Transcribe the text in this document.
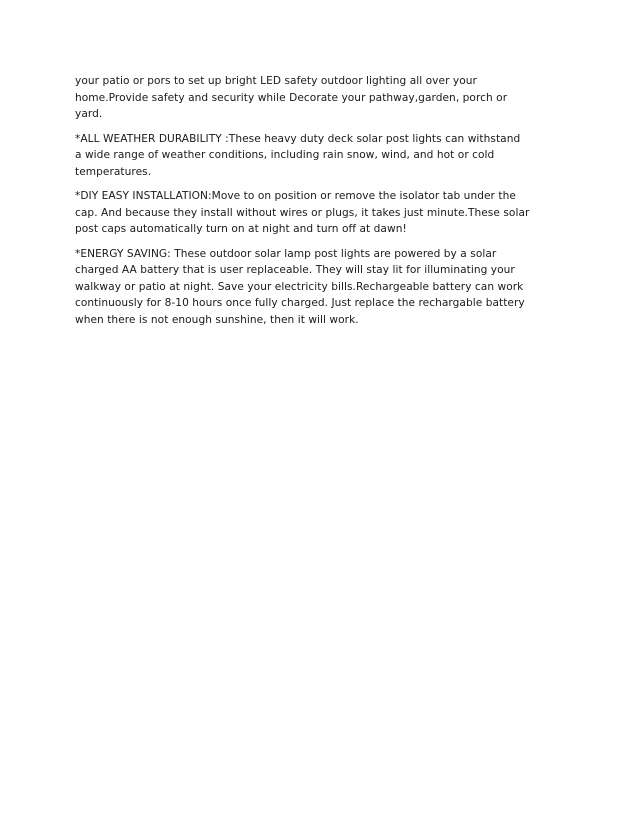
your patio or pors to set up bright LED safety outdoor lighting all over your
home.Provide safety and security while Decorate your pathway,garden, porch or
yard.

*ALL WEATHER DURABILITY :These heavy duty deck solar post lights can withstand
a wide range of weather conditions, including rain snow, wind, and hot or cold
temperatures.

*DIY EASY INSTALLATION:Move to on position or remove the isolator tab under the
cap. And because they install without wires or plugs, it takes just minute.These solar
post caps automatically turn on at night and turn off at dawn!

*ENERGY SAVING: These outdoor solar lamp post lights are powered by a solar
charged AA battery that is user replaceable. They will stay lit for illuminating your
walkway or patio at night. Save your electricity bills.Rechargeable battery can work
continuously for 8-10 hours once fully charged. Just replace the rechargable battery
when there is not enough sunshine, then it will work.
